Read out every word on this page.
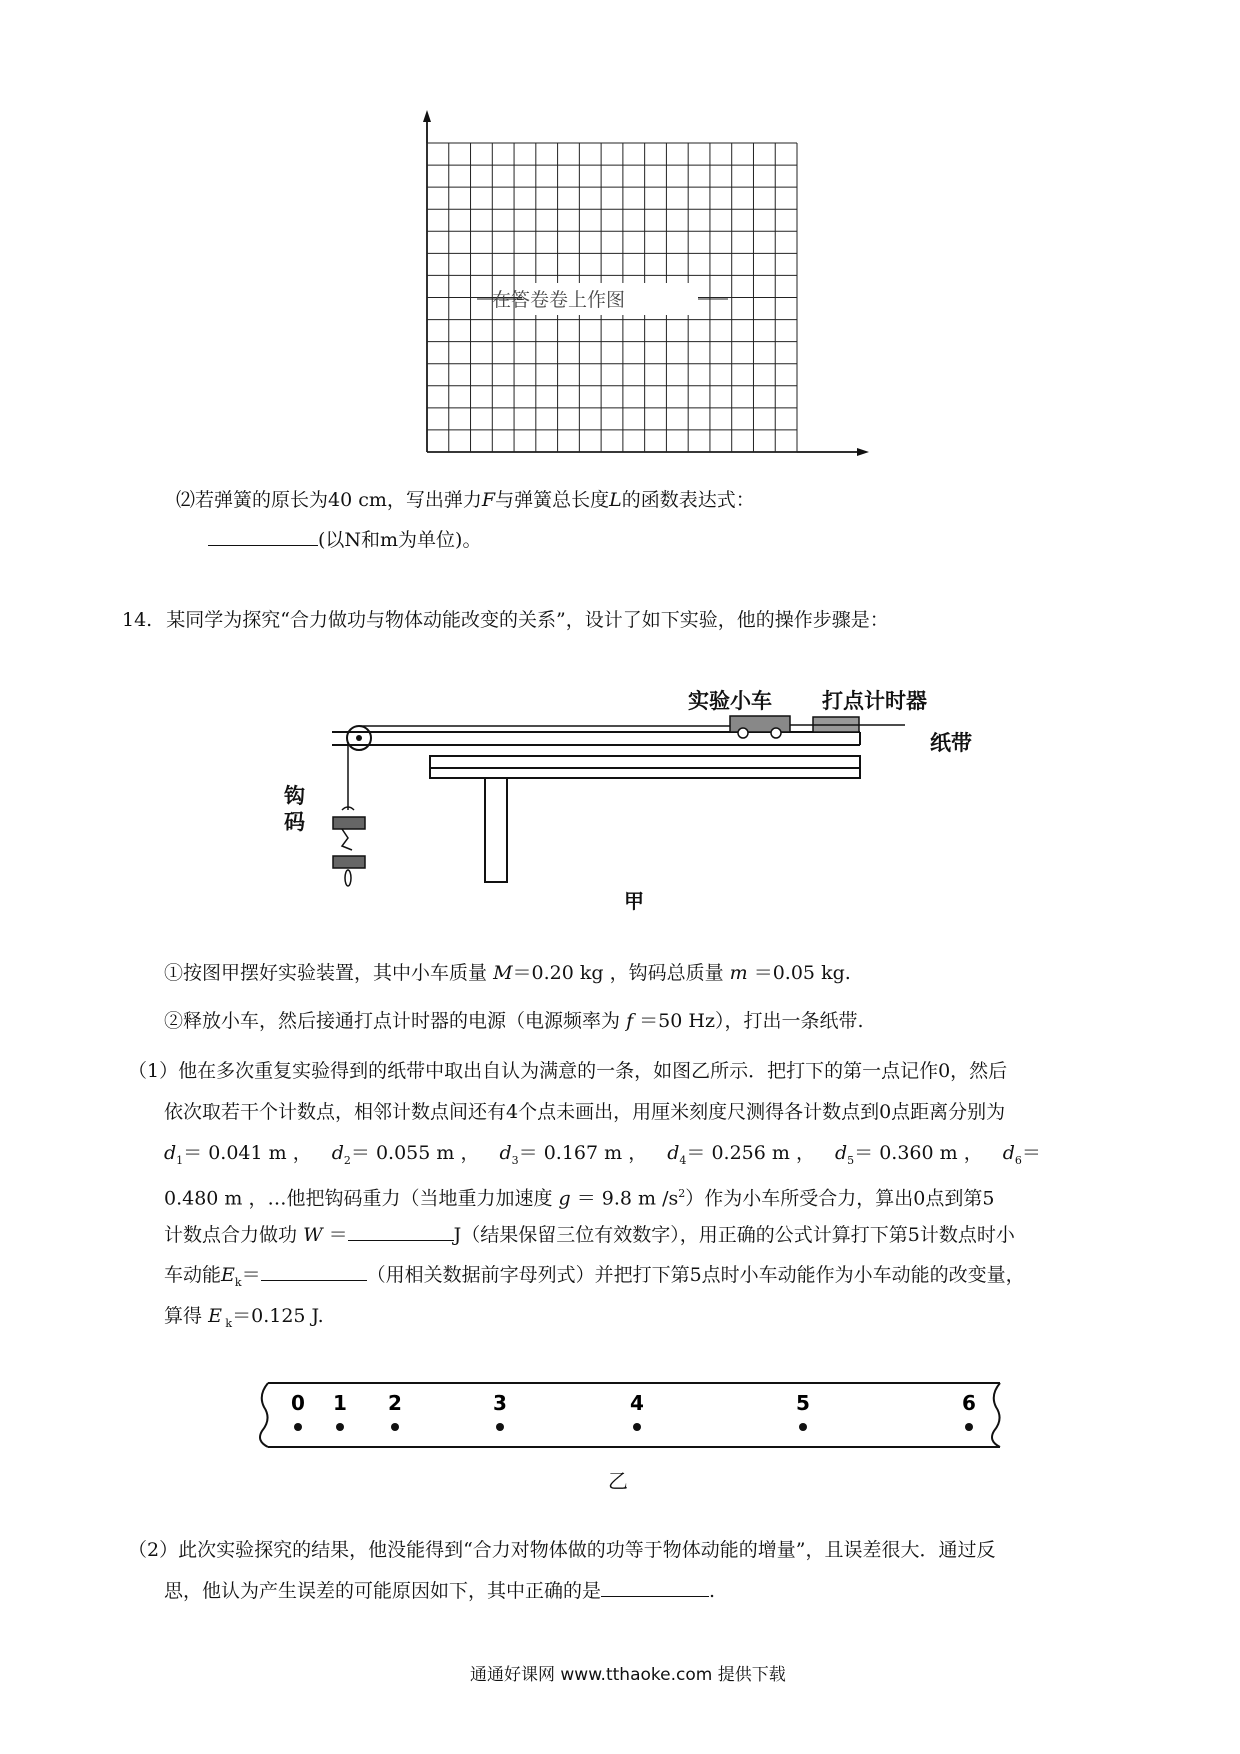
在答卷卷上作图
⑵若弹簧的原长为40 cm，写出弹力F与弹簧总长度L的函数表达式：
(以N和m为单位)。
14. 某同学为探究“合力做功与物体动能改变的关系”，设计了如下实验，他的操作步骤是：
实验小车 打点计时器
纸带
钩码
甲
①按图甲摆好实验装置，其中小车质量 M＝0.20 kg ，钩码总质量 m ＝0.05 kg.
②释放小车，然后接通打点计时器的电源（电源频率为 f ＝50 Hz），打出一条纸带.
（1）他在多次重复实验得到的纸带中取出自认为满意的一条，如图乙所示．把打下的第一点记作0，然后
依次取若干个计数点，相邻计数点间还有4个点未画出，用厘米刻度尺测得各计数点到0点距离分别为
$d_1= 0.041$ m ， $d_2= 0.055$ m ， $d_3= 0.167$ m ， $d_4= 0.256$ m ， $d_5= 0.360$ m ， $d_6=$
0.480 m ，…他把钩码重力（当地重力加速度 g ＝ 9.8 m $/s^2$）作为小车所受合力，算出0点到第5
计数点合力做功 W ＝	J（结果保留三位有效数字），用正确的公式计算打下第5计数点时小
车动能$E_k=$	（用相关数据前字母列式）并把打下第5点时小车动能作为小车动能的改变量，
算得 E $_k$＝0.125 J.
0 1 2	3	4	5	6
乙
（2）此次实验探究的结果，他没能得到“合力对物体做的功等于物体动能的增量”，且误差很大．通过反
思，他认为产生误差的可能原因如下，其中正确的是	.
通通好课网 www.tthaoke.com 提供下载
